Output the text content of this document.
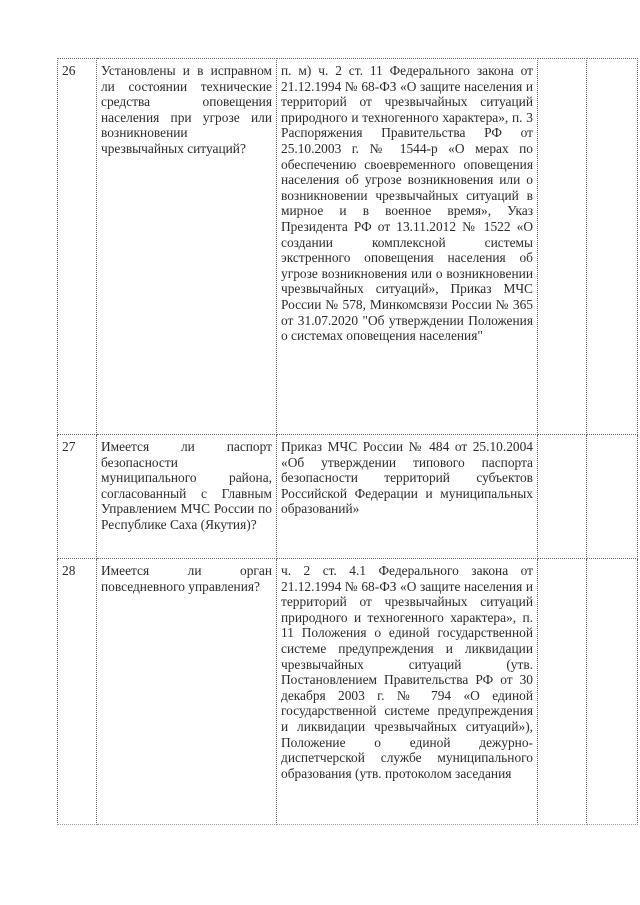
26	Установлены и в исправном ли состоянии технические средства оповещения населения при угрозе или возникновении чрезвычайных ситуаций?	п. м) ч. 2 ст. 11 Федерального закона от 21.12.1994 № 68-ФЗ «О защите населения и территорий от чрезвычайных ситуаций природного и техногенного характера», п. 3 Распоряжения Правительства РФ от 25.10.2003 г. № 1544-р «О мерах по обеспечению своевременного оповещения населения об угрозе возникновения или о возникновении чрезвычайных ситуаций в мирное и в военное время», Указ Президента РФ от 13.11.2012 № 1522 «О создании комплексной системы экстренного оповещения населения об угрозе возникновения или о возникновении чрезвычайных ситуаций», Приказ МЧС России № 578, Минкомсвязи России № 365 от 31.07.2020 "Об утверждении Положения о системах оповещения населения"		
27	Имеется ли паспорт безопасности муниципального района, согласованный с Главным Управлением МЧС России по Республике Саха (Якутия)?	Приказ МЧС России № 484 от 25.10.2004 «Об утверждении типового паспорта безопасности территорий субъектов Российской Федерации и муниципальных образований»		
28	Имеется ли орган повседневного управления?	ч. 2 ст. 4.1 Федерального закона от 21.12.1994 № 68-ФЗ «О защите населения и территорий от чрезвычайных ситуаций природного и техногенного характера», п. 11 Положения о единой государственной системе предупреждения и ликвидации чрезвычайных ситуаций (утв. Постановлением Правительства РФ от 30 декабря 2003 г. № 794 «О единой государственной системе предупреждения и ликвидации чрезвычайных ситуаций»), Положение о единой дежурно-диспетчерской службе муниципального образования (утв. протоколом заседания		
